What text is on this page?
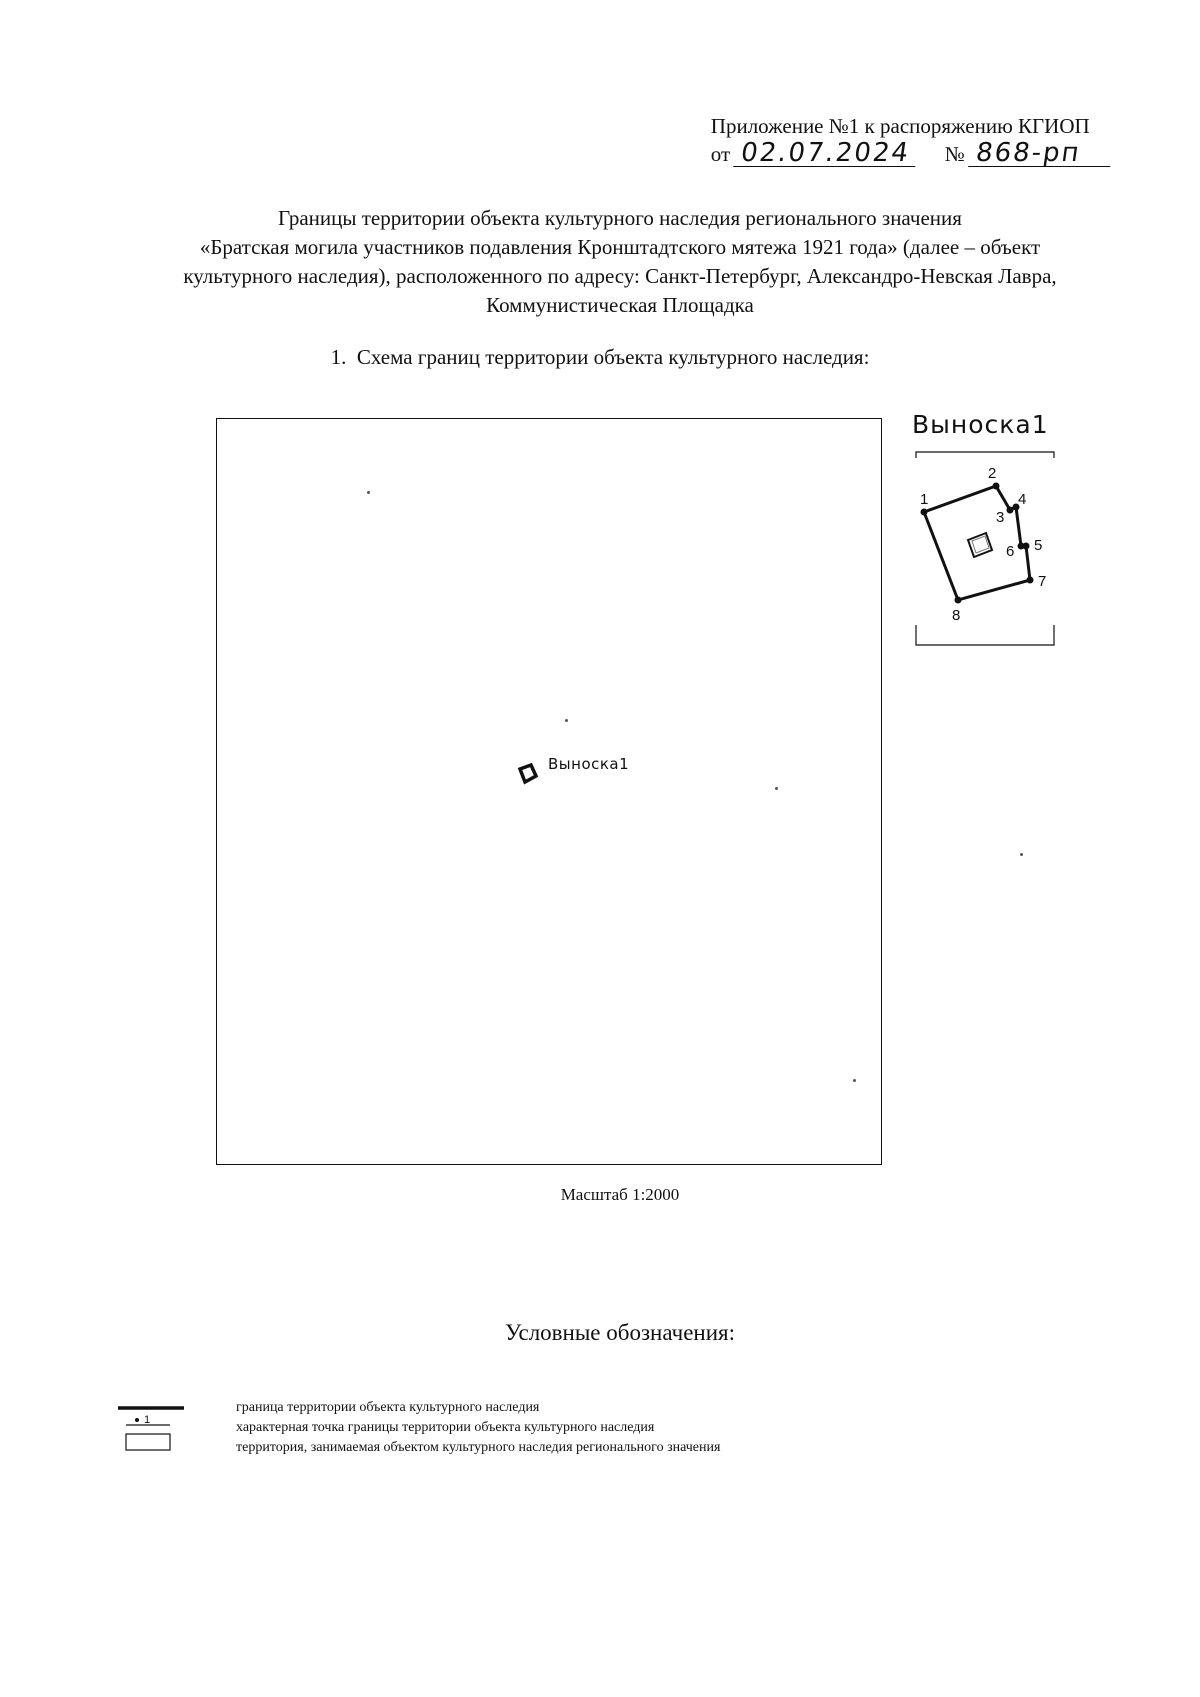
Приложение №1 к распоряжению КГИОП
от 02.07.2024 № 868-рп
Границы территории объекта культурного наследия регионального значения
«Братская могила участников подавления Кронштадтского мятежа 1921 года» (далее – объект
культурного наследия), расположенного по адресу: Санкт-Петербург, Александро-Невская Лавра,
Коммунистическая Площадка
1. Схема границ территории объекта культурного наследия:
Выноска1
Выноска1
1
2
3
4
5
6
7
8
Масштаб 1:2000
Условные обозначения:
1
граница территории объекта культурного наследия
характерная точка границы территории объекта культурного наследия
территория, занимаемая объектом культурного наследия регионального значения
